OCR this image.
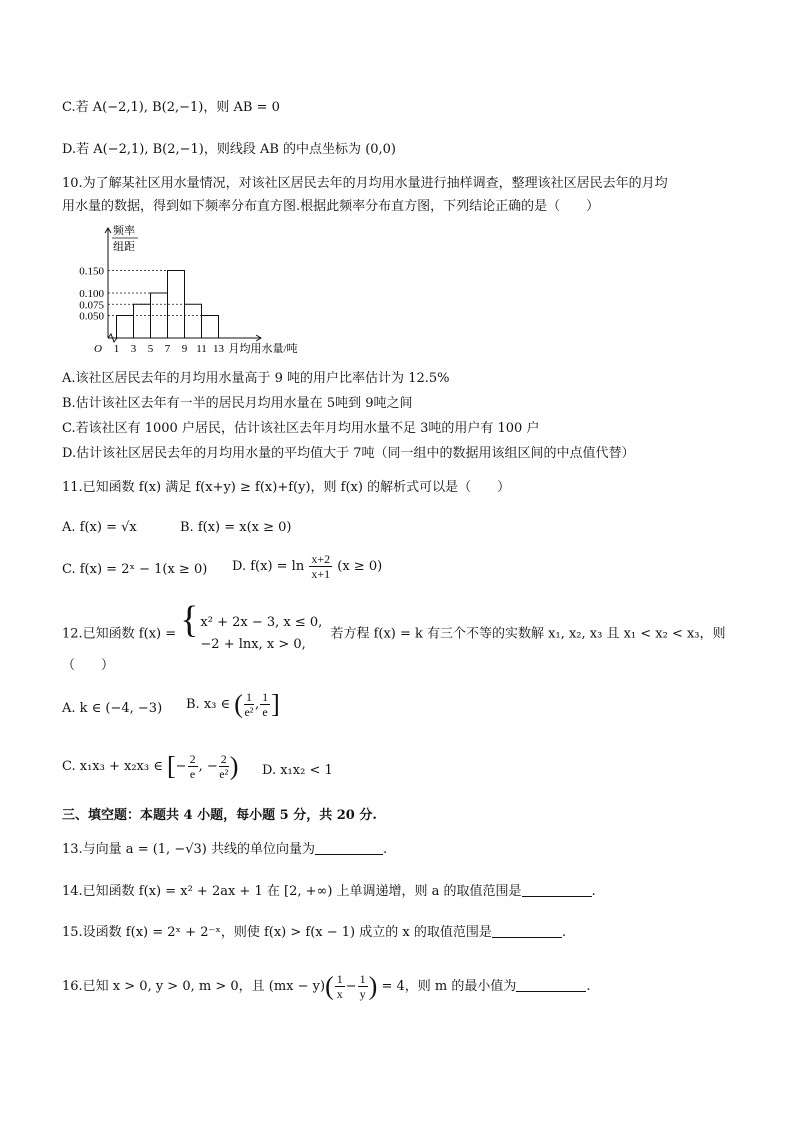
C.若 A(−2,1), B(2,−1)，则 AB = 0
D.若 A(−2,1), B(2,−1)，则线段 AB 的中点坐标为 (0,0)
10.为了解某社区用水量情况，对该社区居民去年的月均用水量进行抽样调查，整理该社区居民去年的月均
用水量的数据，得到如下频率分布直方图.根据此频率分布直方图，下列结论正确的是（　　）
0.050
0.075
0.100
0.150
1 3 5 7 9 11 13
O	月均用水量/吨
频率
组距
A.该社区居民去年的月均用水量高于 9 吨的用户比率估计为 12.5%
B.估计该社区去年有一半的居民月均用水量在 5吨到 9吨之间
C.若该社区有 1000 户居民，估计该社区去年月均用水量不足 3吨的用户有 100 户
D.估计该社区居民去年的月均用水量的平均值大于 7吨（同一组中的数据用该组区间的中点值代替）
11.已知函数 f(x) 满足 f(x+y) ≥ f(x)+f(y)，则 f(x) 的解析式可以是（　　）
A. f(x) = √x	B. f(x) = x(x ≥ 0)
C. f(x) = 2ˣ − 1(x ≥ 0) D. $f(x) = \ln \frac{x+2}{x+1} (x \ge 0)$
12.已知函数 f(x) = {
x² + 2x − 3, x ≤ 0,
−2 + lnx, x > 0,
若方程 f(x) = k 有三个不等的实数解 x₁, x₂, x₃ 且 x₁ < x₂ < x₃，则
（　　）
A. k ∈ (−4, −3) B. x₃ ∈ ( $\frac{1}{\text{e²}}$ , $\frac{1}{e}$ ]
C. x₁x₃ + x₂x₃ ∈ [− $\frac{2}{e}$ , − $\frac{2}{\text{e²}}$ ) D. x₁x₂ < 1
三、填空题：本题共 4 小题，每小题 5 分，共 20 分.
13.与向量 a = (1, −√3) 共线的单位向量为	.
14.已知函数 f(x) = x² + 2ax + 1 在 [2, +∞) 上单调递增，则 a 的取值范围是	.
15.设函数 f(x) = 2ˣ + 2⁻ˣ，则使 f(x) > f(x − 1) 成立的 x 的取值范围是	.
16.已知 x > 0, y > 0, m > 0，且 $(mx - y)( \frac{1}{x} - \frac{1}{y}$ ) = 4，则 m 的最小值为	.
